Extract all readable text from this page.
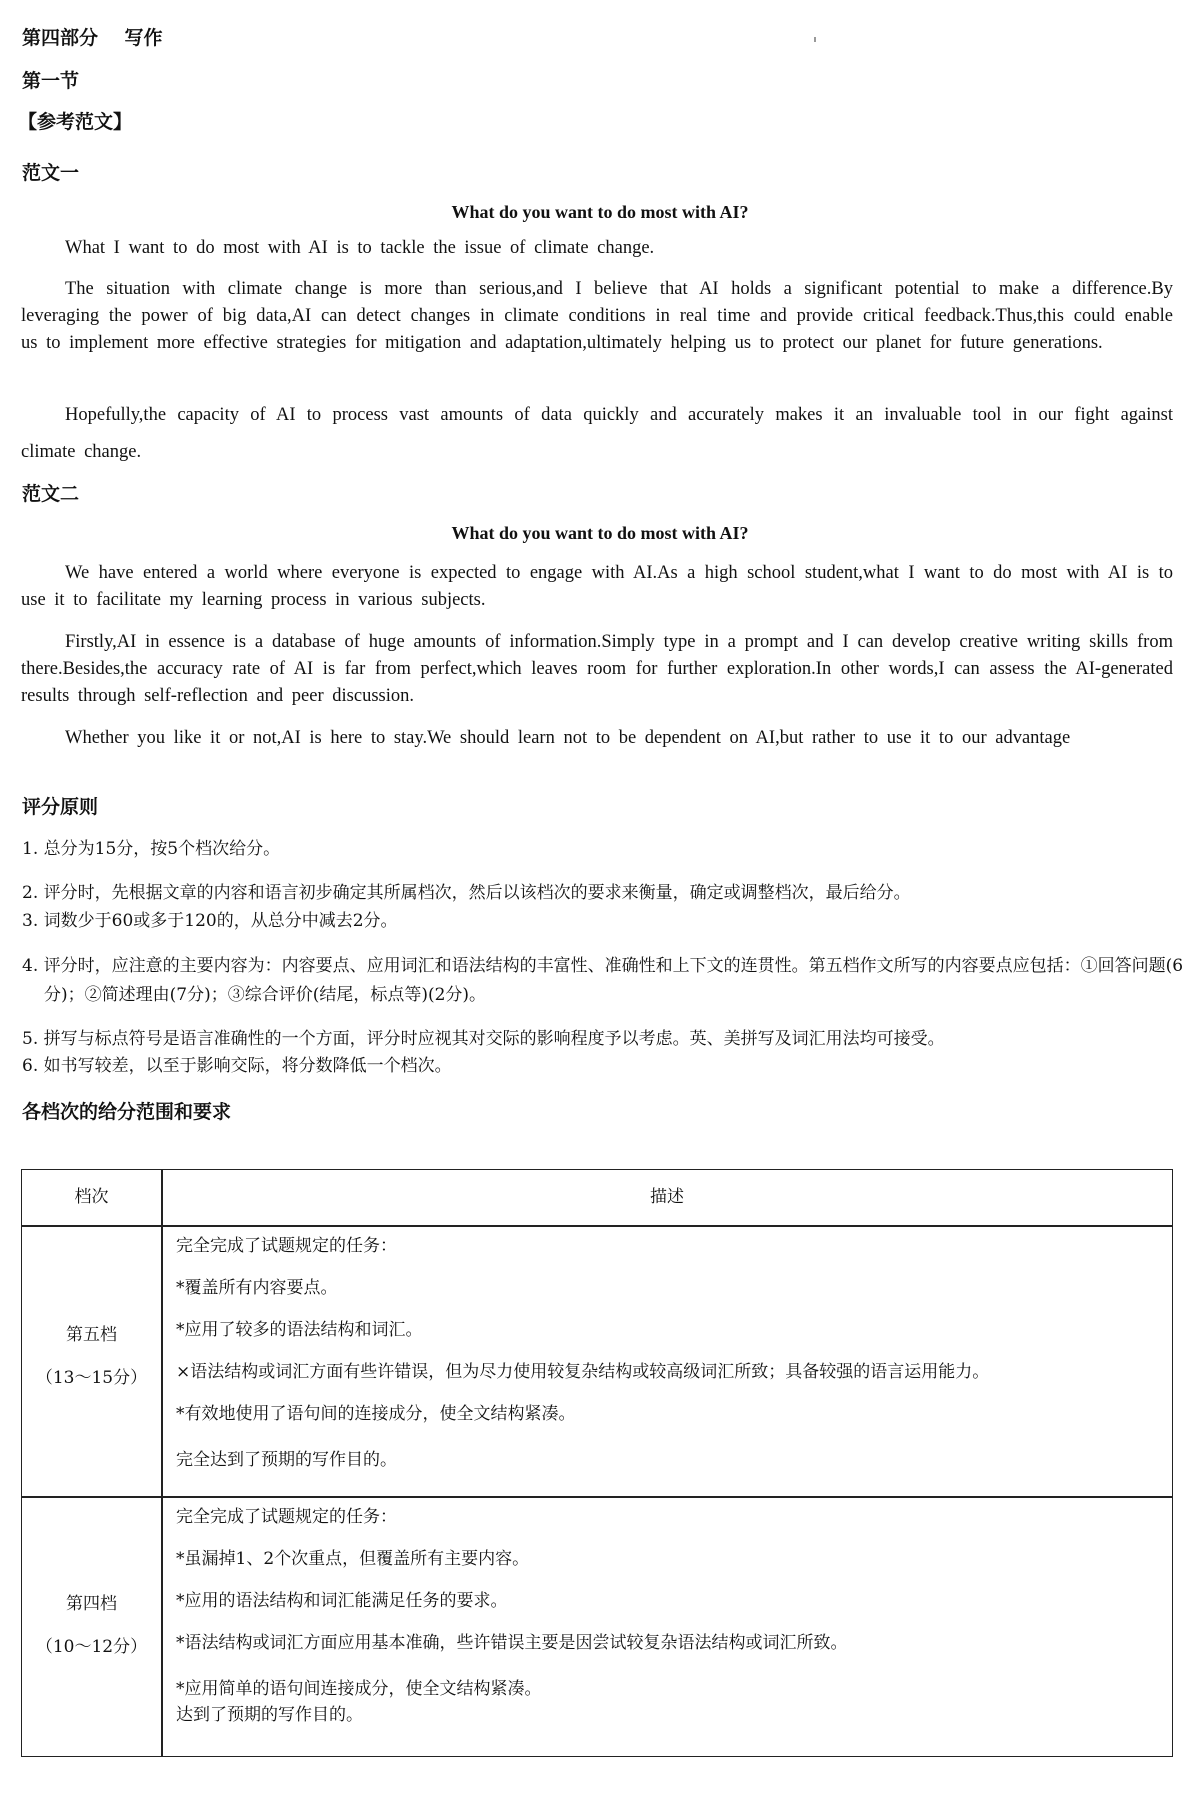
第四部分    写作
第一节
【参考范文】
范文一
What do you want to do most with AI?

What I want to do most with AI is to tackle the issue of climate change.

The situation with climate change is more than serious,and I believe that AI holds a significant potential to make a difference.By leveraging the power of big data,AI can detect changes in climate conditions in real time and provide critical feedback.Thus,this could enable us to implement more effective strategies for mitigation and adaptation,ultimately helping us to protect our planet for future generations.

Hopefully,the capacity of AI to process vast amounts of data quickly and accurately makes it an invaluable tool in our fight against climate change.

范文二
What do you want to do most with AI?

We have entered a world where everyone is expected to engage with AI.As a high school student,what I want to do most with AI is to use it to facilitate my learning process in various subjects.

Firstly,AI in essence is a database of huge amounts of information.Simply type in a prompt and I can develop creative writing skills from there.Besides,the accuracy rate of AI is far from perfect,which leaves room for further exploration.In other words,I can assess the AI-generated results through self-reflection and peer discussion.

Whether you like it or not,AI is here to stay.We should learn not to be dependent on AI,but rather to use it to our advantage

评分原则
1. 总分为15分，按5个档次给分。
2. 评分时，先根据文章的内容和语言初步确定其所属档次，然后以该档次的要求来衡量，确定或调整档次，最后给分。
3. 词数少于60或多于120的，从总分中减去2分。
4. 评分时，应注意的主要内容为：内容要点、应用词汇和语法结构的丰富性、准确性和上下文的连贯性。第五档作文所写的内容要点应包括：①回答问题(6分)；②简述理由(7分)；③综合评价(结尾，标点等)(2分)。
5. 拼写与标点符号是语言准确性的一个方面，评分时应视其对交际的影响程度予以考虑。英、美拼写及词汇用法均可接受。
6. 如书写较差，以至于影响交际，将分数降低一个档次。
各档次的给分范围和要求
档次	描述
第五档
（13～15分）
完全完成了试题规定的任务：
*覆盖所有内容要点。
*应用了较多的语法结构和词汇。
×语法结构或词汇方面有些许错误，但为尽力使用较复杂结构或较高级词汇所致；具备较强的语言运用能力。
*有效地使用了语句间的连接成分，使全文结构紧凑。
完全达到了预期的写作目的。
第四档
（10～12分）
完全完成了试题规定的任务：
*虽漏掉1、2个次重点，但覆盖所有主要内容。
*应用的语法结构和词汇能满足任务的要求。
*语法结构或词汇方面应用基本准确，些许错误主要是因尝试较复杂语法结构或词汇所致。
*应用简单的语句间连接成分，使全文结构紧凑。
达到了预期的写作目的。
